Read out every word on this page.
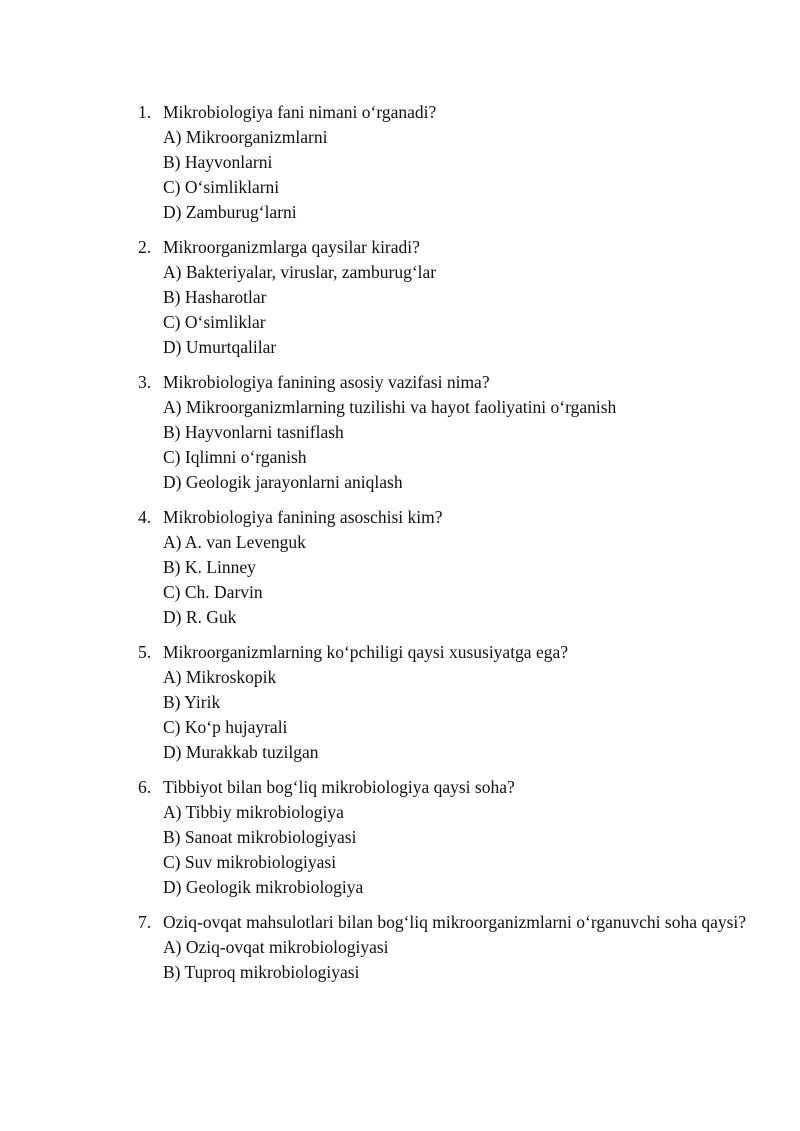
1. Mikrobiologiya fani nimani o‘rganadi?
A) Mikroorganizmlarni
B) Hayvonlarni
C) O‘simliklarni
D) Zamburug‘larni
2. Mikroorganizmlarga qaysilar kiradi?
A) Bakteriyalar, viruslar, zamburug‘lar
B) Hasharotlar
C) O‘simliklar
D) Umurtqalilar
3. Mikrobiologiya fanining asosiy vazifasi nima?
A) Mikroorganizmlarning tuzilishi va hayot faoliyatini o‘rganish
B) Hayvonlarni tasniflash
C) Iqlimni o‘rganish
D) Geologik jarayonlarni aniqlash
4. Mikrobiologiya fanining asoschisi kim?
A) A. van Levenguk
B) K. Linney
C) Ch. Darvin
D) R. Guk
5. Mikroorganizmlarning ko‘pchiligi qaysi xususiyatga ega?
A) Mikroskopik
B) Yirik
C) Ko‘p hujayrali
D) Murakkab tuzilgan
6. Tibbiyot bilan bog‘liq mikrobiologiya qaysi soha?
A) Tibbiy mikrobiologiya
B) Sanoat mikrobiologiyasi
C) Suv mikrobiologiyasi
D) Geologik mikrobiologiya
7. Oziq-ovqat mahsulotlari bilan bog‘liq mikroorganizmlarni o‘rganuvchi soha qaysi?
A) Oziq-ovqat mikrobiologiyasi
B) Tuproq mikrobiologiyasi
